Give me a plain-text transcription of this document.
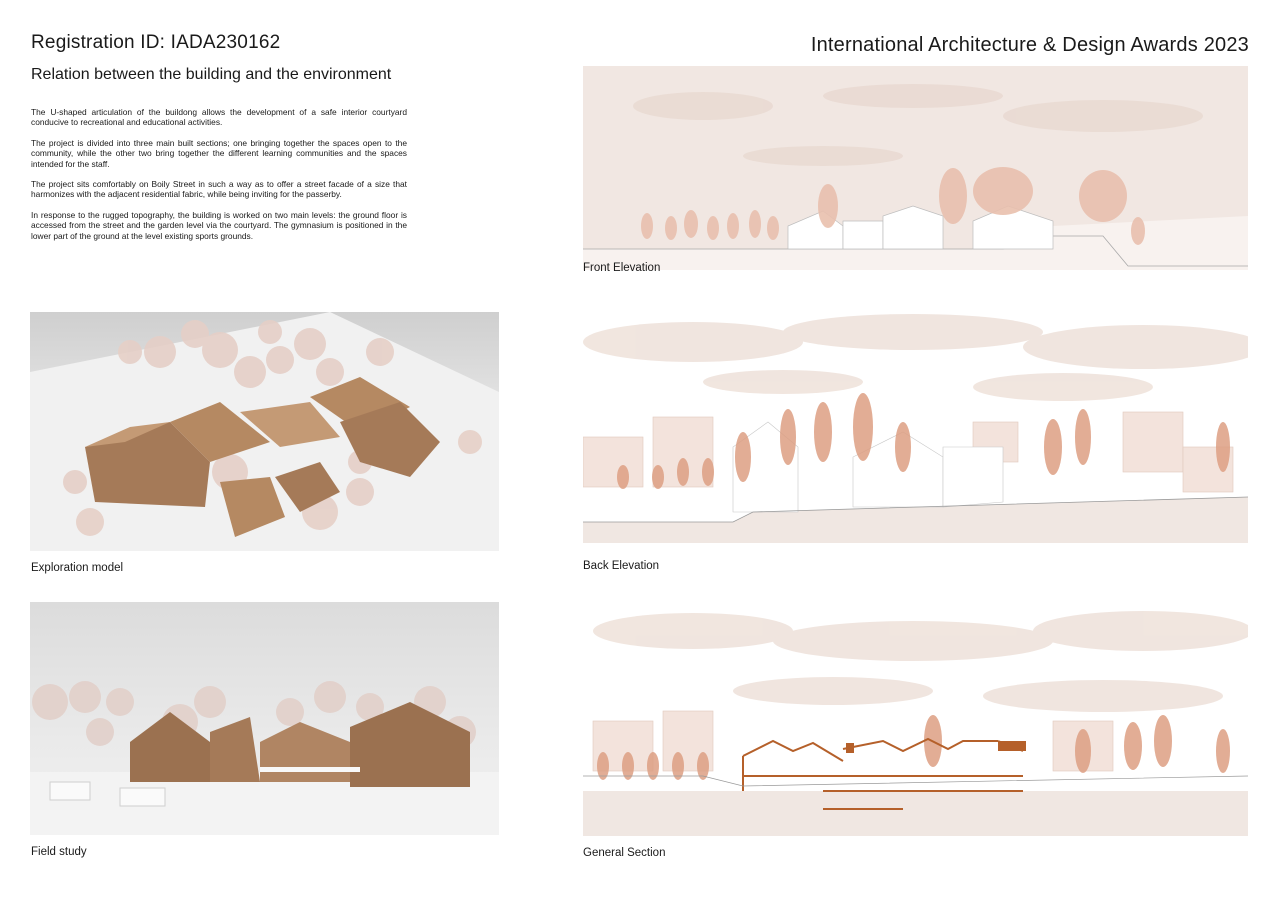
Registration ID: IADA230162	International Architecture & Design Awards 2023
Relation between the building and the environment

The U-shaped articulation of the buildong allows the development of a safe interior courtyard conducive to recreational and educational activities.

The project is divided into three main built sections; one bringing together the spaces open to the community, while the other two bring together the different learning communities and the spaces intended for the staff.

The project sits comfortably on Boily Street in such a way as to offer a street facade of a size that harmonizes with the adjacent residential fabric, while being inviting for the passerby.

In response to the rugged topography, the building is worked on two main levels: the ground floor is accessed from the street and the garden level via the courtyard. The gymnasium is positioned in the lower part of the ground at the level existing sports grounds.

Exploration model
Field study
Front Elevation
Back Elevation
General Section
